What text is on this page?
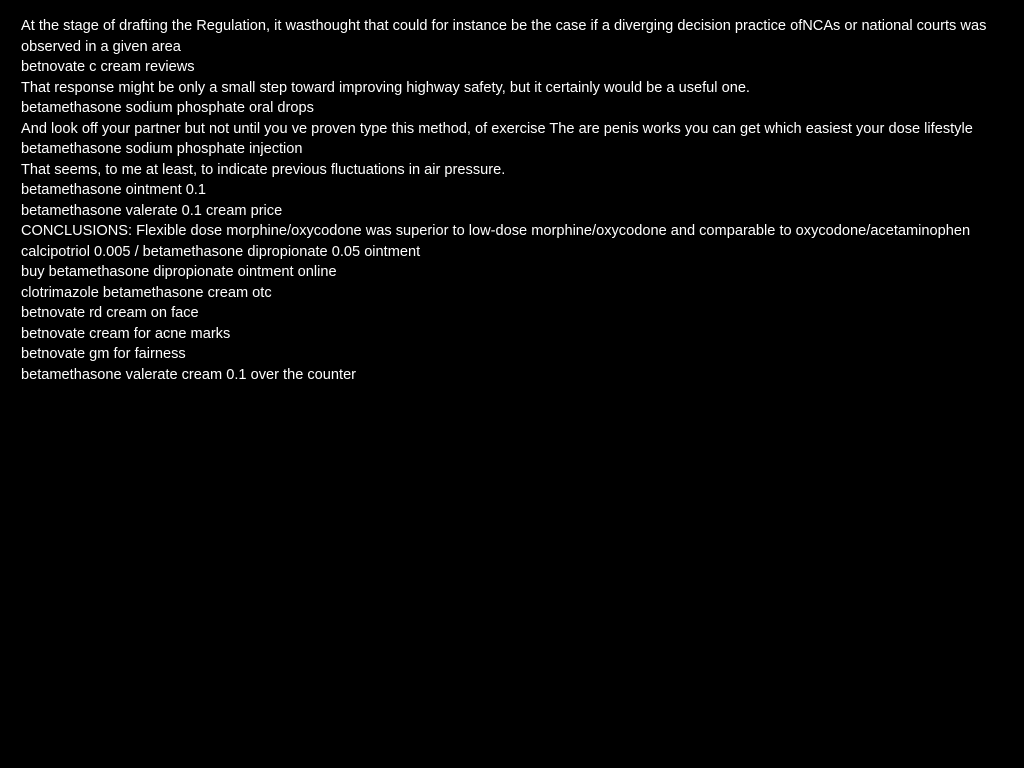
At the stage of drafting the Regulation, it wasthought that could for instance be the case if a diverging decision practice ofNCAs or national courts was observed in a given area
betnovate c cream reviews
That response might be only a small step toward improving highway safety, but it certainly would be a useful one.
betamethasone sodium phosphate oral drops
And look off your partner but not until you ve proven type this method, of exercise The are penis works you can get which easiest your dose lifestyle
betamethasone sodium phosphate injection
That seems, to me at least, to indicate previous fluctuations in air pressure.
betamethasone ointment 0.1
betamethasone valerate 0.1 cream price
CONCLUSIONS: Flexible dose morphine/oxycodone was superior to low-dose morphine/oxycodone and comparable to oxycodone/acetaminophen
calcipotriol 0.005 / betamethasone dipropionate 0.05 ointment
buy betamethasone dipropionate ointment online
clotrimazole betamethasone cream otc
betnovate rd cream on face
betnovate cream for acne marks
betnovate gm for fairness
betamethasone valerate cream 0.1 over the counter
